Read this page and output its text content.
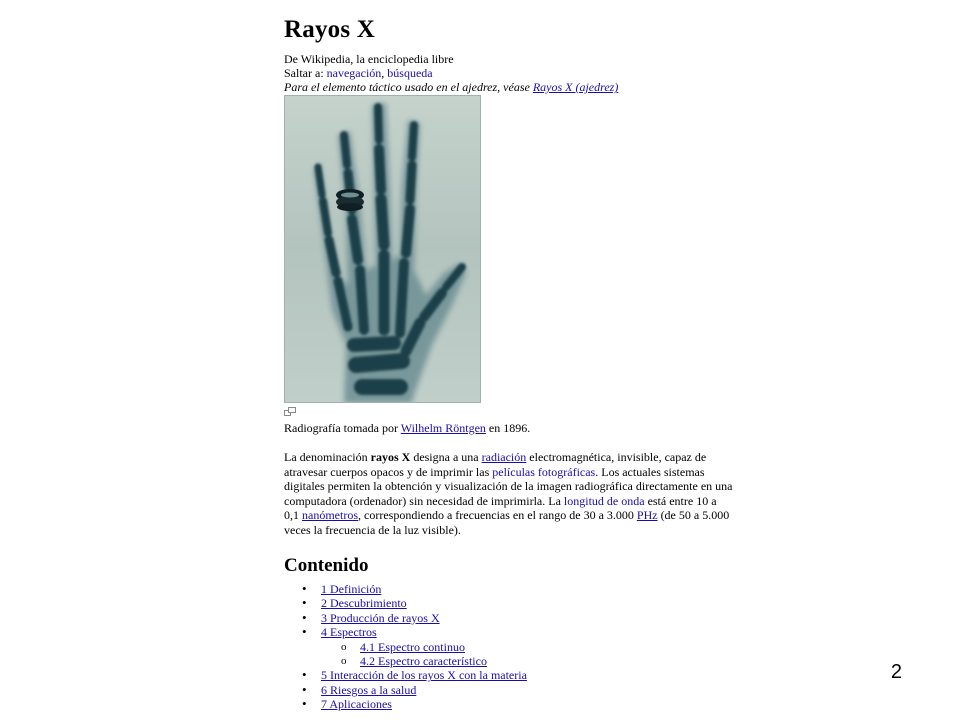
Rayos X
De Wikipedia, la enciclopedia libre
Saltar a: navegación, búsqueda
Para el elemento táctico usado en el ajedrez, véase Rayos X (ajedrez)
Radiografía tomada por Wilhelm Röntgen en 1896.
La denominación rayos X designa a una radiación electromagnética, invisible, capaz de atravesar cuerpos opacos y de imprimir las películas fotográficas. Los actuales sistemas digitales permiten la obtención y visualización de la imagen radiográfica directamente en una computadora (ordenador) sin necesidad de imprimirla. La longitud de onda está entre 10 a 0,1 nanómetros, correspondiendo a frecuencias en el rango de 30 a 3.000 PHz (de 50 a 5.000 veces la frecuencia de la luz visible).
Contenido
• 1 Definición
• 2 Descubrimiento
• 3 Producción de rayos X
• 4 Espectros
o 4.1 Espectro continuo
o 4.2 Espectro característico
• 5 Interacción de los rayos X con la materia
• 6 Riesgos a la salud
• 7 Aplicaciones
2
